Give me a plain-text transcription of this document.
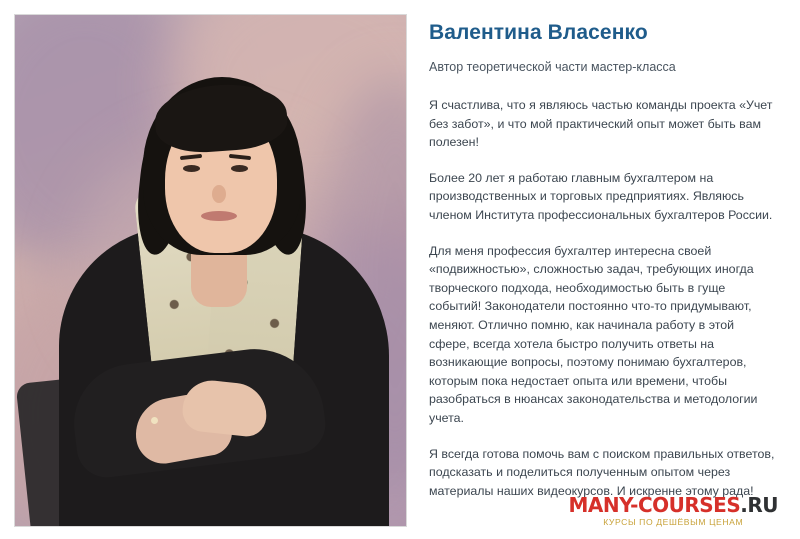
Валентина Власенко
Автор теоретической части мастер-класса

Я счастлива, что я являюсь частью команды проекта «Учет без забот», и что мой практический опыт может быть вам полезен!

Более 20 лет я работаю главным бухгалтером на производственных и торговых предприятиях. Являюсь членом Института профессиональных бухгалтеров России.

Для меня профессия бухгалтер интересна своей «подвижностью», сложностью задач, требующих иногда творческого подхода, необходимостью быть в гуще событий! Законодатели постоянно что-то придумывают, меняют. Отлично помню, как начинала работу в этой сфере, всегда хотела быстро получить ответы на возникающие вопросы, поэтому понимаю бухгалтеров, которым пока недостает опыта или времени, чтобы разобраться в нюансах законодательства и методологии учета.

Я всегда готова помочь вам с поиском правильных ответов, подсказать и поделиться полученным опытом через материалы наших видеокурсов. И искренне этому рада!

MANY-COURSES.RU
КУРСЫ ПО ДЕШЁВЫМ ЦЕНАМ
